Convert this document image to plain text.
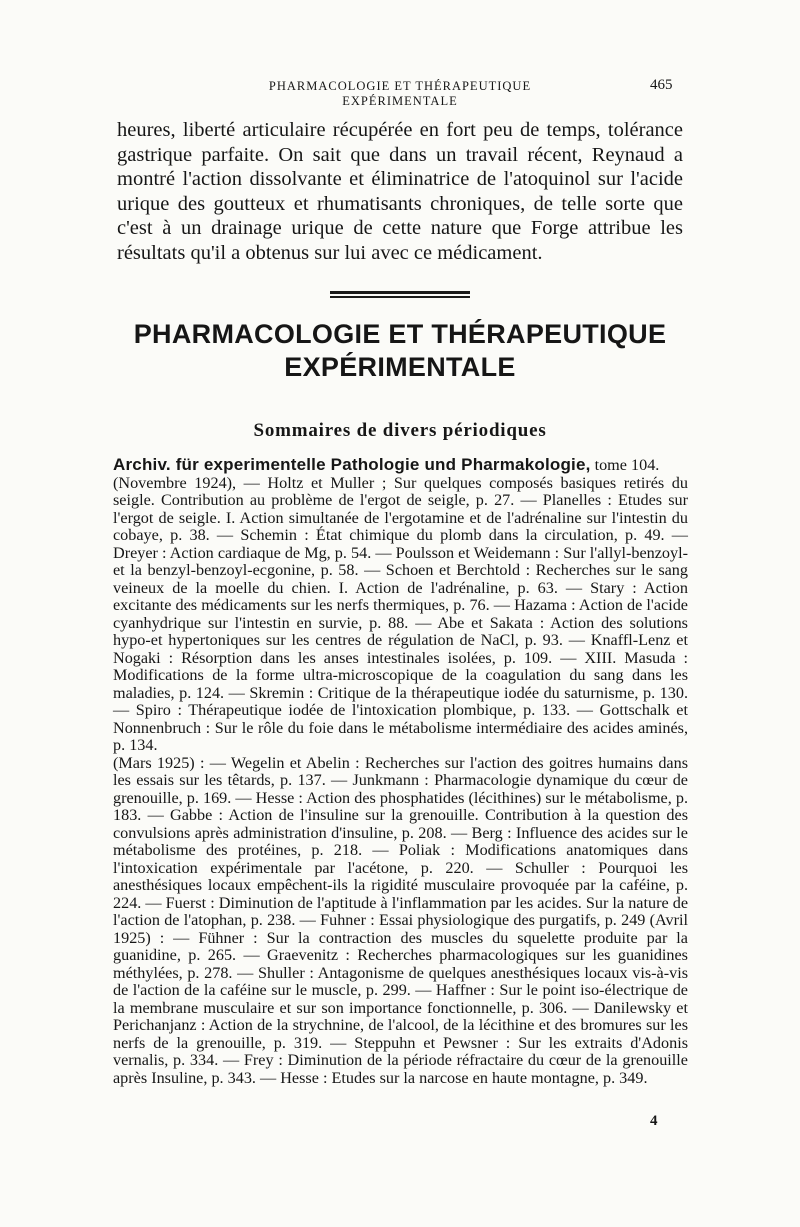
PHARMACOLOGIE ET THÉRAPEUTIQUE EXPÉRIMENTALE
465

heures, liberté articulaire récupérée en fort peu de temps, tolérance gastrique parfaite. On sait que dans un travail récent, Reynaud a montré l'action dissolvante et éliminatrice de l'atoquinol sur l'acide urique des goutteux et rhumatisants chroniques, de telle sorte que c'est à un drainage urique de cette nature que Forge attribue les résultats qu'il a obtenus sur lui avec ce médicament.

PHARMACOLOGIE ET THÉRAPEUTIQUE
EXPÉRIMENTALE
Sommaires de divers périodiques

Archiv. für experimentelle Pathologie und Pharmakologie, tome 104.

(Novembre 1924), — Holtz et Muller ; Sur quelques composés basiques retirés du seigle. Contribution au problème de l'ergot de seigle, p. 27. — Planelles : Etudes sur l'ergot de seigle. I. Action simultanée de l'ergotamine et de l'adrénaline sur l'intestin du cobaye, p. 38. — Schemin : État chimique du plomb dans la circulation, p. 49. — Dreyer : Action cardiaque de Mg, p. 54. — Poulsson et Weidemann : Sur l'allyl-benzoyl-et la benzyl-benzoyl-ecgonine, p. 58. — Schoen et Berchtold : Recherches sur le sang veineux de la moelle du chien. I. Action de l'adrénaline, p. 63. — Stary : Action excitante des médicaments sur les nerfs thermiques, p. 76. — Hazama : Action de l'acide cyanhydrique sur l'intestin en survie, p. 88. — Abe et Sakata : Action des solutions hypo-et hypertoniques sur les centres de régulation de NaCl, p. 93. — Knaffl-Lenz et Nogaki : Résorption dans les anses intestinales isolées, p. 109. — XIII. Masuda : Modifications de la forme ultra-microscopique de la coagulation du sang dans les maladies, p. 124. — Skremin : Critique de la thérapeutique iodée du saturnisme, p. 130. — Spiro : Thérapeutique iodée de l'intoxication plombique, p. 133. — Gottschalk et Nonnenbruch : Sur le rôle du foie dans le métabolisme intermédiaire des acides aminés, p. 134.

(Mars 1925) : — Wegelin et Abelin : Recherches sur l'action des goitres humains dans les essais sur les têtards, p. 137. — Junkmann : Pharmacologie dynamique du cœur de grenouille, p. 169. — Hesse : Action des phosphatides (lécithines) sur le métabolisme, p. 183. — Gabbe : Action de l'insuline sur la grenouille. Contribution à la question des convulsions après administration d'insuline, p. 208. — Berg : Influence des acides sur le métabolisme des protéines, p. 218. — Poliak : Modifications anatomiques dans l'intoxication expérimentale par l'acétone, p. 220. — Schuller : Pourquoi les anesthésiques locaux empêchent-ils la rigidité musculaire provoquée par la caféine, p. 224. — Fuerst : Diminution de l'aptitude à l'inflammation par les acides. Sur la nature de l'action de l'atophan, p. 238. — Fuhner : Essai physiologique des purgatifs, p. 249 (Avril 1925) : — Fühner : Sur la contraction des muscles du squelette produite par la guanidine, p. 265. — Graevenitz : Recherches pharmacologiques sur les guanidines méthylées, p. 278. — Shuller : Antagonisme de quelques anesthésiques locaux vis-à-vis de l'action de la caféine sur le muscle, p. 299. — Haffner : Sur le point iso-électrique de la membrane musculaire et sur son importance fonctionnelle, p. 306. — Danilewsky et Perichanjanz : Action de la strychnine, de l'alcool, de la lécithine et des bromures sur les nerfs de la grenouille, p. 319. — Steppuhn et Pewsner : Sur les extraits d'Adonis vernalis, p. 334. — Frey : Diminution de la période réfractaire du cœur de la grenouille après Insuline, p. 343. — Hesse : Etudes sur la narcose en haute montagne, p. 349.

4
